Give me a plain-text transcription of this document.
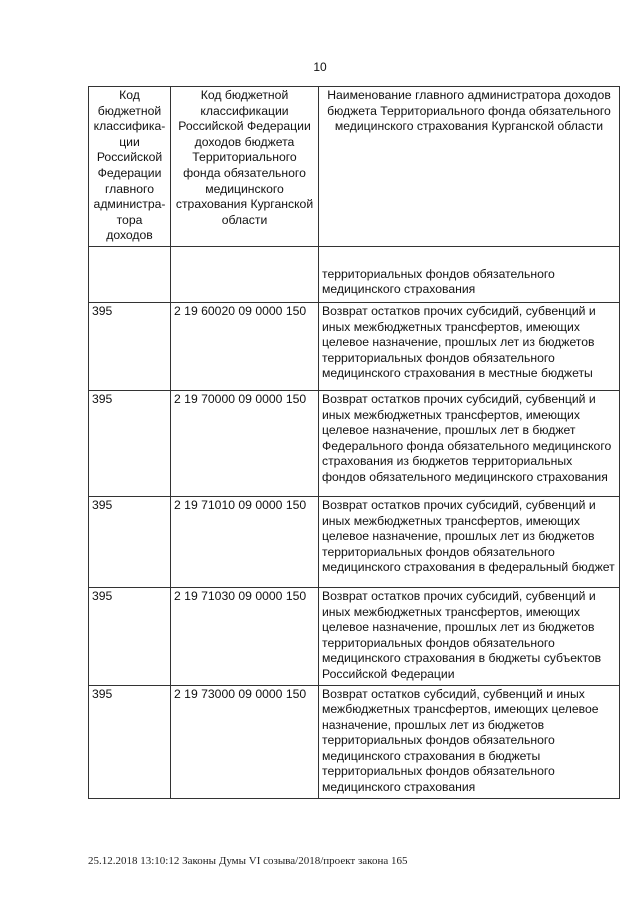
10
Код бюджетной классифика-ции Российской Федерации главного администра-тора доходов	Код бюджетной классификации Российской Федерации доходов бюджета Территориального фонда обязательного медицинского страхования Курганской области	Наименование главного администратора доходов бюджета Территориального фонда обязательного медицинского страхования Курганской области
		территориальных фондов обязательного медицинского страхования
395	2 19 60020 09 0000 150	Возврат остатков прочих субсидий, субвенций и иных межбюджетных трансфертов, имеющих целевое назначение, прошлых лет из бюджетов территориальных фондов обязательного медицинского страхования в местные бюджеты
395	2 19 70000 09 0000 150	Возврат остатков прочих субсидий, субвенций и иных межбюджетных трансфертов, имеющих целевое назначение, прошлых лет в бюджет Федерального фонда обязательного медицинского страхования из бюджетов территориальных фондов обязательного медицинского страхования
395	2 19 71010 09 0000 150	Возврат остатков прочих субсидий, субвенций и иных межбюджетных трансфертов, имеющих целевое назначение, прошлых лет из бюджетов территориальных фондов обязательного медицинского страхования в федеральный бюджет
395	2 19 71030 09 0000 150	Возврат остатков прочих субсидий, субвенций и иных межбюджетных трансфертов, имеющих целевое назначение, прошлых лет из бюджетов территориальных фондов обязательного медицинского страхования в бюджеты субъектов Российской Федерации
395	2 19 73000 09 0000 150	Возврат остатков субсидий, субвенций и иных межбюджетных трансфертов, имеющих целевое назначение, прошлых лет из бюджетов территориальных фондов обязательного медицинского страхования в бюджеты территориальных фондов обязательного медицинского страхования
25.12.2018 13:10:12 Законы Думы VI созыва/2018/проект закона 165
